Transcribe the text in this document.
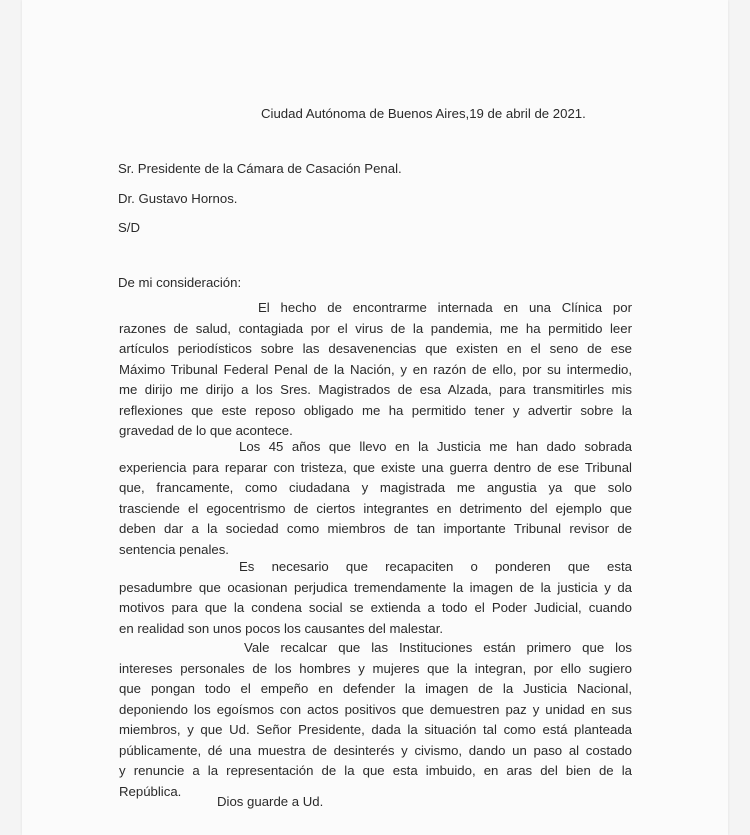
Ciudad Autónoma de Buenos Aires,19 de abril de 2021.
Sr. Presidente de la Cámara de Casación Penal.
Dr. Gustavo Hornos.
S/D
De mi consideración:
El hecho de encontrarme internada en una Clínica por
razones de salud, contagiada por el virus de la pandemia, me ha permitido leer
artículos periodísticos sobre las desavenencias que existen en el seno de ese
Máximo Tribunal Federal Penal de la Nación, y en razón de ello, por su intermedio,
me dirijo me dirijo a los Sres. Magistrados de esa Alzada, para transmitirles mis
reflexiones que este reposo obligado me ha permitido tener y advertir sobre la
gravedad de lo que acontece.
Los 45 años que llevo en la Justicia me han dado sobrada
experiencia para reparar con tristeza, que existe una guerra dentro de ese Tribunal
que, francamente, como ciudadana y magistrada me angustia ya que solo
trasciende el egocentrismo de ciertos integrantes en detrimento del ejemplo que
deben dar a la sociedad como miembros de tan importante Tribunal revisor de
sentencia penales.
Es necesario que recapaciten o ponderen que esta
pesadumbre que ocasionan perjudica tremendamente la imagen de la justicia y da
motivos para que la condena social se extienda a todo el Poder Judicial, cuando
en realidad son unos pocos los causantes del malestar.
Vale recalcar que las Instituciones están primero que los
intereses personales de los hombres y mujeres que la integran, por ello sugiero
que pongan todo el empeño en defender la imagen de la Justicia Nacional,
deponiendo los egoísmos con actos positivos que demuestren paz y unidad en sus
miembros, y que Ud. Señor Presidente, dada la situación tal como está planteada
públicamente, dé una muestra de desinterés y civismo, dando un paso al costado
y renuncie a la representación de la que esta imbuido, en aras del bien de la
República.
Dios guarde a Ud.
